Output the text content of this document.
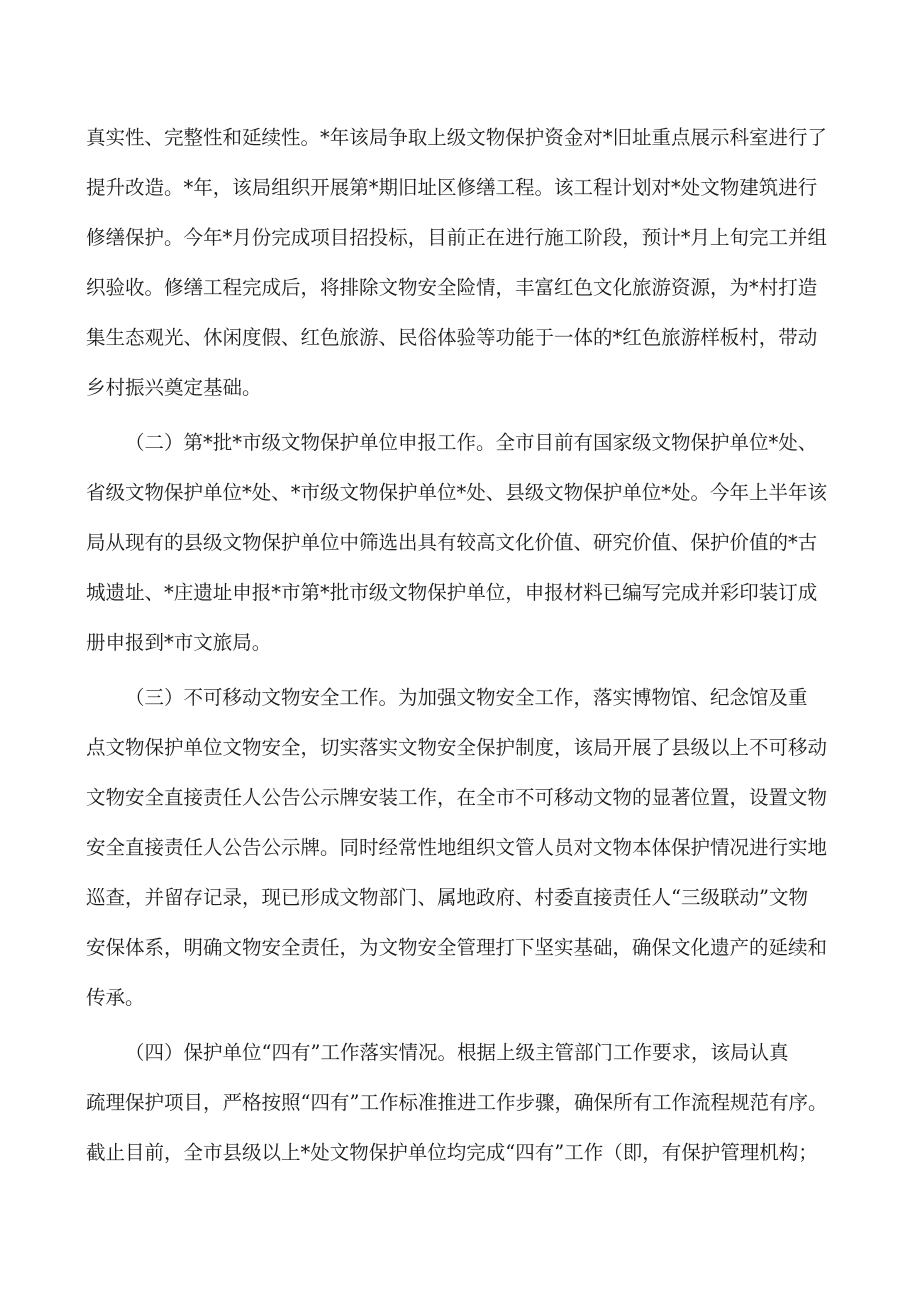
真实性、完整性和延续性。*年该局争取上级文物保护资金对*旧址重点展示科室进行了
提升改造。*年，该局组织开展第*期旧址区修缮工程。该工程计划对*处文物建筑进行
修缮保护。今年*月份完成项目招投标，目前正在进行施工阶段，预计*月上旬完工并组
织验收。修缮工程完成后，将排除文物安全险情，丰富红色文化旅游资源，为*村打造
集生态观光、休闲度假、红色旅游、民俗体验等功能于一体的*红色旅游样板村，带动
乡村振兴奠定基础。
（二）第*批*市级文物保护单位申报工作。全市目前有国家级文物保护单位*处、
省级文物保护单位*处、*市级文物保护单位*处、县级文物保护单位*处。今年上半年该
局从现有的县级文物保护单位中筛选出具有较高文化价值、研究价值、保护价值的*古
城遗址、*庄遗址申报*市第*批市级文物保护单位，申报材料已编写完成并彩印装订成
册申报到*市文旅局。
（三）不可移动文物安全工作。为加强文物安全工作，落实博物馆、纪念馆及重
点文物保护单位文物安全，切实落实文物安全保护制度，该局开展了县级以上不可移动
文物安全直接责任人公告公示牌安装工作，在全市不可移动文物的显著位置，设置文物
安全直接责任人公告公示牌。同时经常性地组织文管人员对文物本体保护情况进行实地
巡查，并留存记录，现已形成文物部门、属地政府、村委直接责任人“三级联动”文物
安保体系，明确文物安全责任，为文物安全管理打下坚实基础，确保文化遗产的延续和
传承。
（四）保护单位“四有”工作落实情况。根据上级主管部门工作要求，该局认真
疏理保护项目，严格按照“四有”工作标准推进工作步骤，确保所有工作流程规范有序。
截止目前，全市县级以上*处文物保护单位均完成“四有”工作（即，有保护管理机构；
